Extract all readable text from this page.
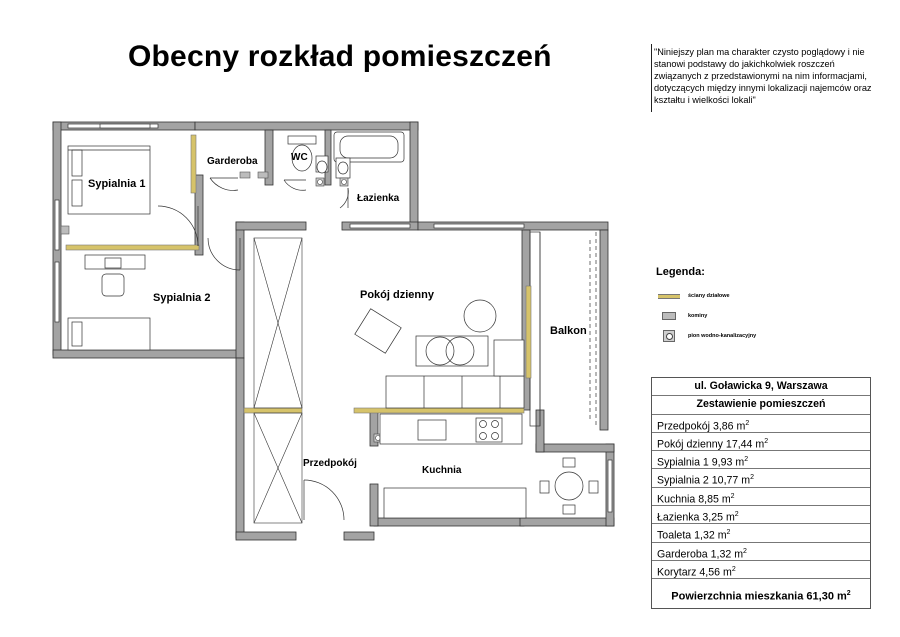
Obecny rozkład pomieszczeń	"Niniejszy plan ma charakter czysto poglądowy i nie stanowi podstawy do jakichkolwiek roszczeń związanych z przedstawionymi na nim informacjami, dotyczących między innymi lokalizacji najemców oraz kształtu i wielkości lokali"
Sypialnia 1
Garderoba	WC
Łazienka
Sypialnia 2	Pokój dzienny
Balkon
Przedpokój
Kuchnia
Legenda:
ściany działowe
kominy
pion wodno-kanalizacyjny
ul. Goławicka 9, Warszawa
Zestawienie pomieszczeń
Przedpokój 3,86 $m^2$
Pokój dzienny 17,44 $m^2$
Sypialnia 1 9,93 $m^2$
Sypialnia 2 10,77 $m^2$
Kuchnia 8,85 $m^2$
Łazienka 3,25 $m^2$
Toaleta 1,32 $m^2$
Garderoba 1,32 $m^2$
Korytarz 4,56 $m^2$
Powierzchnia mieszkania 61,30 $m^2$
